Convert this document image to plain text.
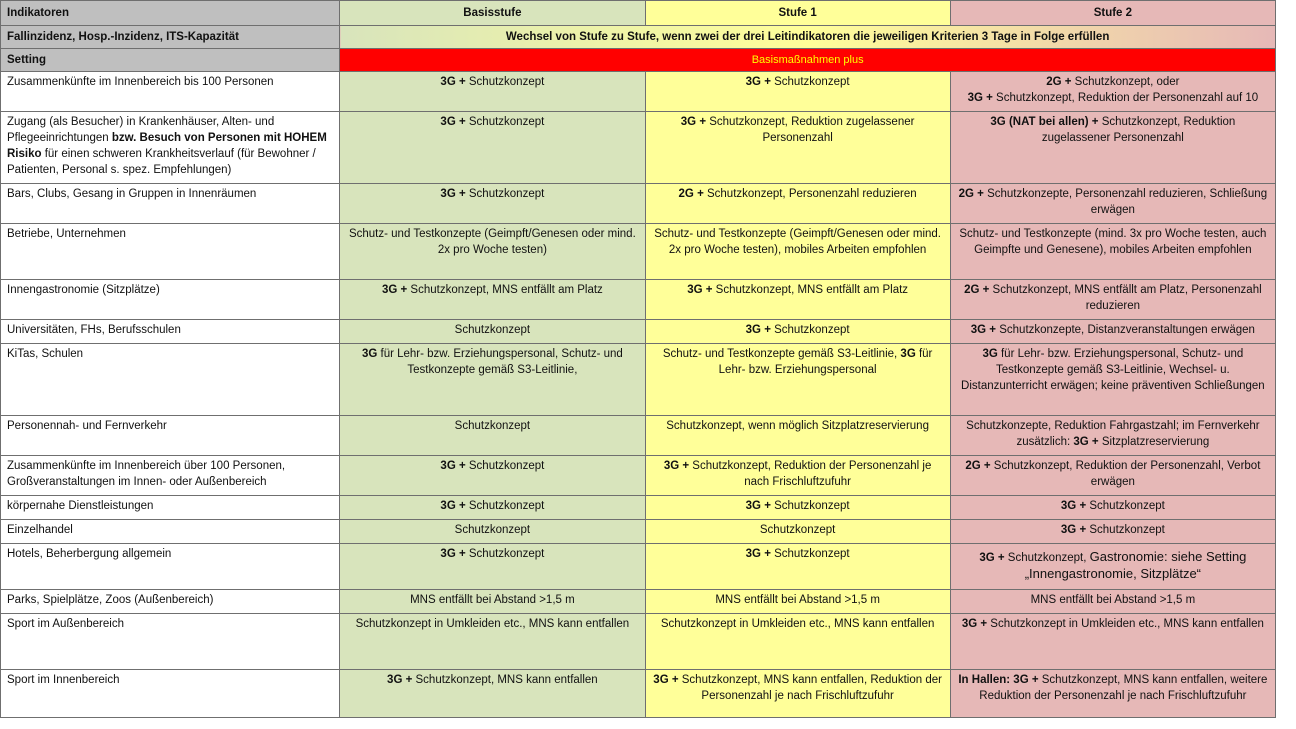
Indikatoren	Basisstufe	Stufe 1	Stufe 2
Fallinzidenz, Hosp.-Inzidenz, ITS-Kapazität	Wechsel von Stufe zu Stufe, wenn zwei der drei Leitindikatoren die jeweiligen Kriterien 3 Tage in Folge erfüllen		
Setting	Basismaßnahmen plus		
Zusammenkünfte im Innenbereich bis 100 Personen	3G + Schutzkonzept	3G + Schutzkonzept	2G + Schutzkonzept, oder
3G + Schutzkonzept, Reduktion der Personenzahl auf 10
Zugang (als Besucher) in Krankenhäuser, Alten- und Pflegeeinrichtungen bzw. Besuch von Personen mit HOHEM Risiko für einen schweren Krankheitsverlauf (für Bewohner / Patienten, Personal s. spez. Empfehlungen)	3G + Schutzkonzept	3G + Schutzkonzept, Reduktion zugelassener Personenzahl	3G (NAT bei allen) + Schutzkonzept, Reduktion zugelassener Personenzahl
Bars, Clubs, Gesang in Gruppen in Innenräumen	3G + Schutzkonzept	2G + Schutzkonzept, Personenzahl reduzieren	2G + Schutzkonzepte, Personenzahl reduzieren, Schließung erwägen
Betriebe, Unternehmen	Schutz- und Testkonzepte (Geimpft/Genesen oder mind. 2x pro Woche testen)	Schutz- und Testkonzepte (Geimpft/Genesen oder mind. 2x pro Woche testen), mobiles Arbeiten empfohlen	Schutz- und Testkonzepte (mind. 3x pro Woche testen, auch Geimpfte und Genesene), mobiles Arbeiten empfohlen
Innengastronomie (Sitzplätze)	3G + Schutzkonzept, MNS entfällt am Platz	3G + Schutzkonzept, MNS entfällt am Platz	2G + Schutzkonzept, MNS entfällt am Platz, Personenzahl reduzieren
Universitäten, FHs, Berufsschulen	Schutzkonzept	3G + Schutzkonzept	3G + Schutzkonzepte, Distanzveranstaltungen erwägen
KiTas, Schulen	3G für Lehr- bzw. Erziehungspersonal, Schutz- und Testkonzepte gemäß S3-Leitlinie,	Schutz- und Testkonzepte gemäß S3-Leitlinie, 3G für Lehr- bzw. Erziehungspersonal	3G für Lehr- bzw. Erziehungspersonal, Schutz- und Testkonzepte gemäß S3-Leitlinie, Wechsel- u. Distanzunterricht erwägen; keine präventiven Schließungen
Personennah- und Fernverkehr	Schutzkonzept	Schutzkonzept, wenn möglich Sitzplatzreservierung	Schutzkonzepte, Reduktion Fahrgastzahl; im Fernverkehr zusätzlich: 3G + Sitzplatzreservierung
Zusammenkünfte im Innenbereich über 100 Personen, Großveranstaltungen im Innen- oder Außenbereich	3G + Schutzkonzept	3G + Schutzkonzept, Reduktion der Personenzahl je nach Frischluftzufuhr	2G + Schutzkonzept, Reduktion der Personenzahl, Verbot erwägen
körpernahe Dienstleistungen	3G + Schutzkonzept	3G + Schutzkonzept	3G + Schutzkonzept
Einzelhandel	Schutzkonzept	Schutzkonzept	3G + Schutzkonzept
Hotels, Beherbergung allgemein	3G + Schutzkonzept	3G + Schutzkonzept	3G + Schutzkonzept, Gastronomie: siehe Setting „Innengastronomie, Sitzplätze“
Parks, Spielplätze, Zoos (Außenbereich)	MNS entfällt bei Abstand >1,5 m	MNS entfällt bei Abstand >1,5 m	MNS entfällt bei Abstand >1,5 m
Sport im Außenbereich	Schutzkonzept in Umkleiden etc., MNS kann entfallen	Schutzkonzept in Umkleiden etc., MNS kann entfallen	3G + Schutzkonzept in Umkleiden etc., MNS kann entfallen
Sport im Innenbereich	3G + Schutzkonzept, MNS kann entfallen	3G + Schutzkonzept, MNS kann entfallen, Reduktion der Personenzahl je nach Frischluftzufuhr	In Hallen: 3G + Schutzkonzept, MNS kann entfallen, weitere Reduktion der Personenzahl je nach Frischluftzufuhr
